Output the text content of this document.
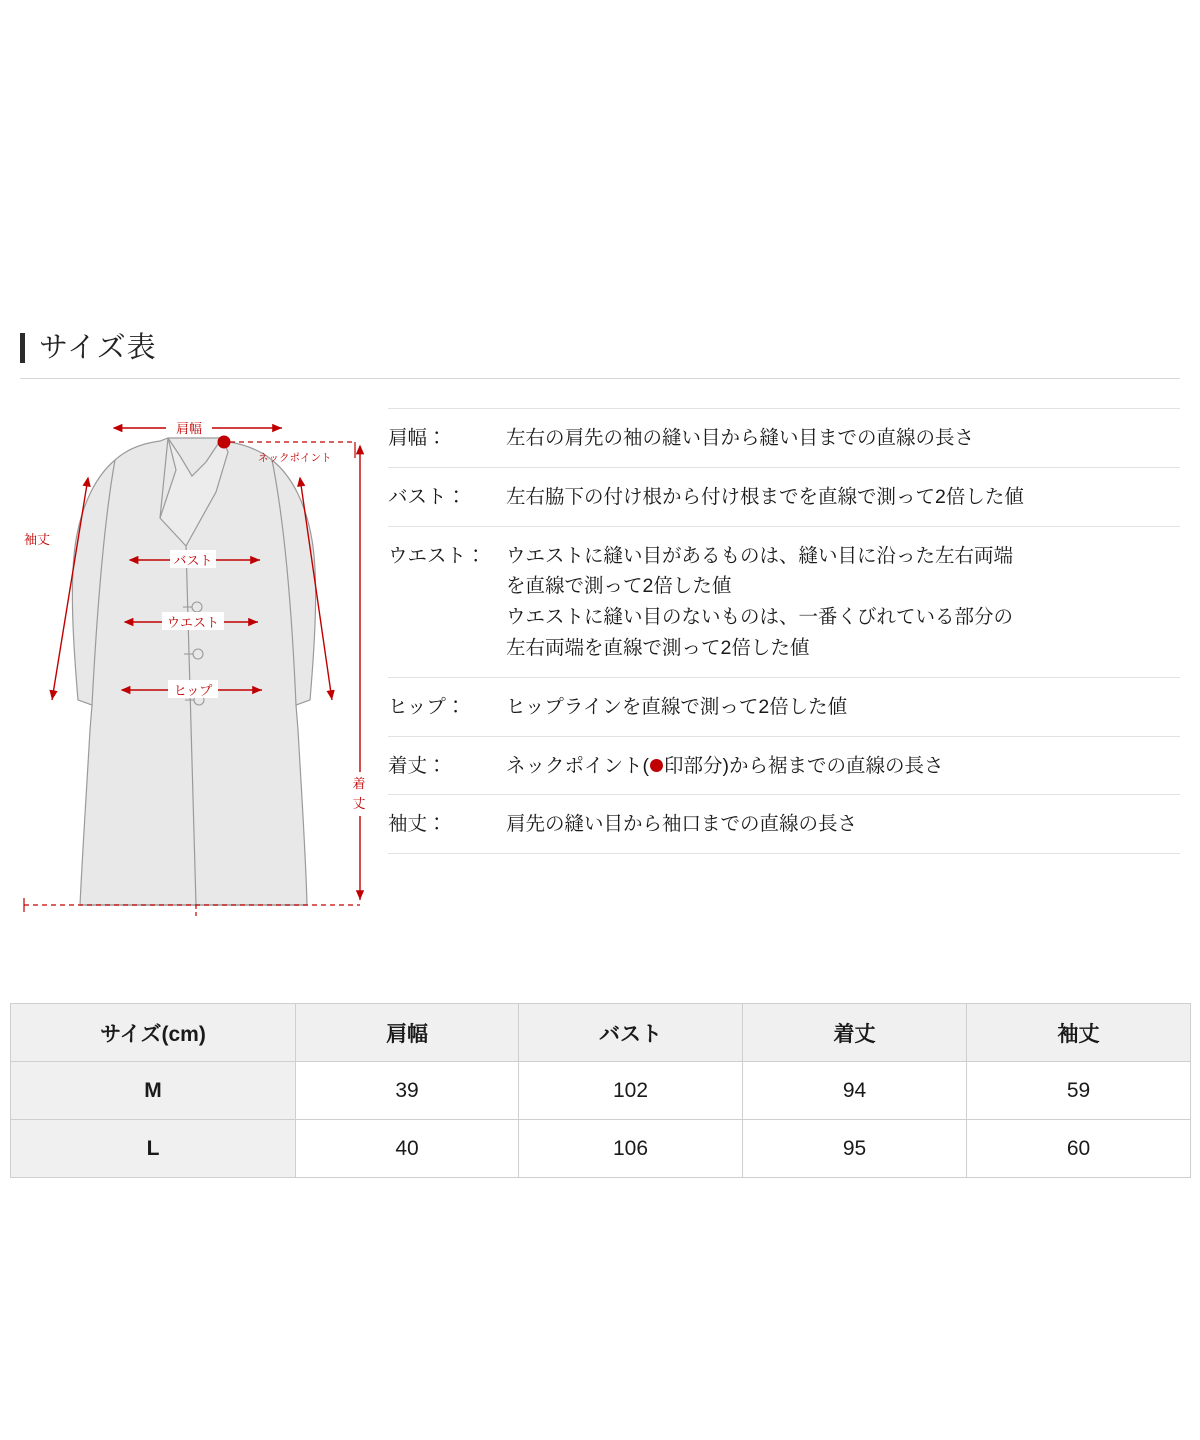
サイズ表
肩幅
ネックポイント
袖丈
バスト
ウエスト
ヒップ
着
丈
肩幅：	左右の肩先の袖の縫い目から縫い目までの直線の長さ
バスト：	左右脇下の付け根から付け根までを直線で測って2倍した値
ウエスト：	ウエストに縫い目があるものは、縫い目に沿った左右両端
を直線で測って2倍した値
ウエストに縫い目のないものは、一番くびれている部分の
左右両端を直線で測って2倍した値
ヒップ：	ヒップラインを直線で測って2倍した値
着丈：	ネックポイント( 印部分)から裾までの直線の長さ
袖丈：	肩先の縫い目から袖口までの直線の長さ
サイズ(cm)	肩幅	バスト	着丈	袖丈
M	39	102	94	59
L	40	106	95	60
